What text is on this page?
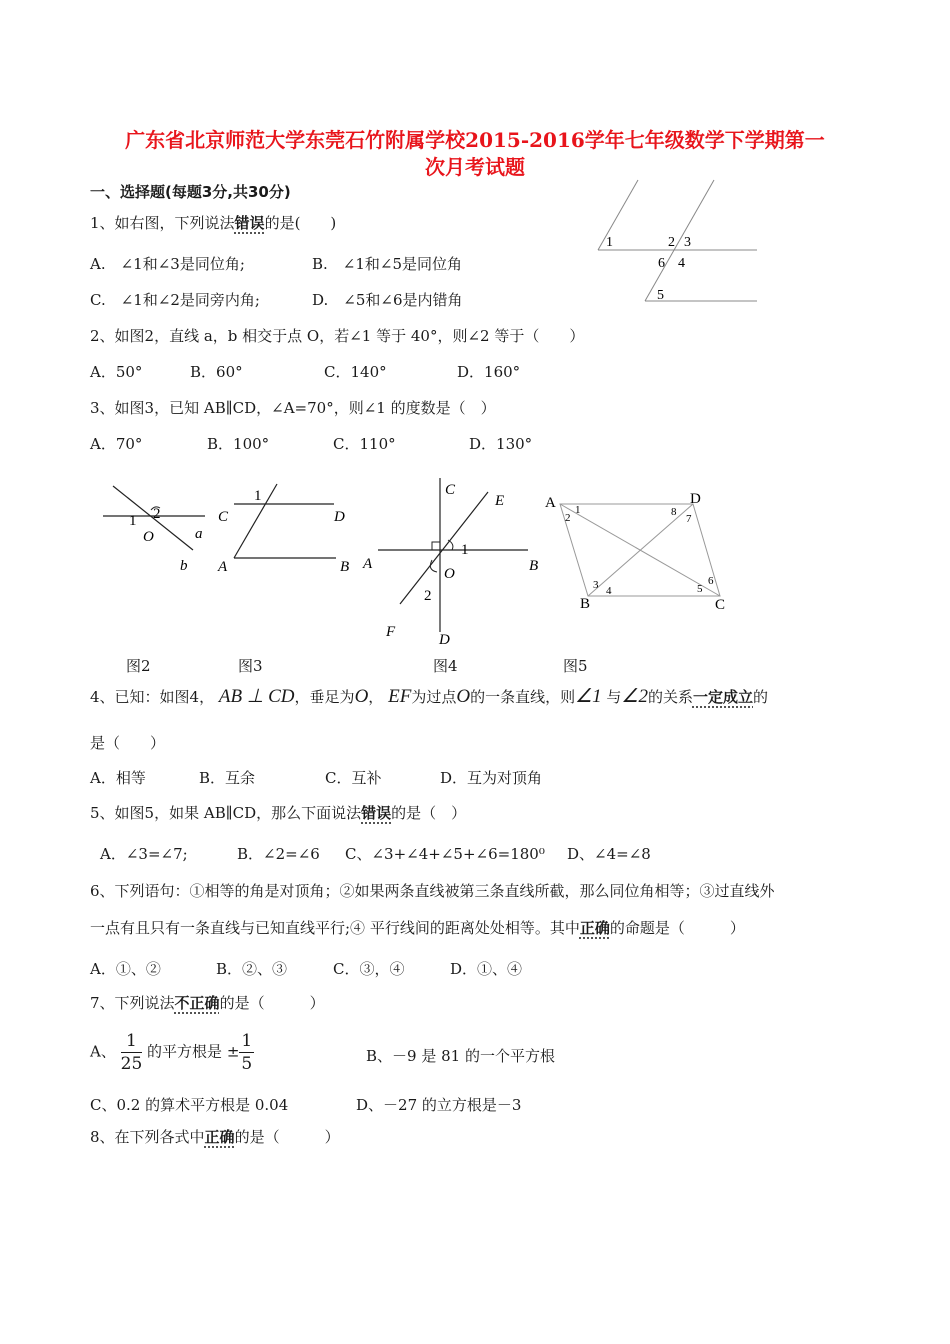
广东省北京师范大学东莞石竹附属学校2015-2016学年七年级数学下学期第一
次月考试题
一、选择题(每题3分,共30分)
1、如右图，下列说法错误的是(　　)
A.　∠1和∠3是同位角;	B.　∠1和∠5是同位角
C.　∠1和∠2是同旁内角;	D.　∠5和∠6是内错角
1	2 3
6 4
5
2、如图2，直线 a，b 相交于点 O，若∠1 等于 40°，则∠2 等于（　　）
A．50°	B．60°	C．140°	D．160°
3、如图3，已知 AB∥CD，∠A=70°，则∠1 的度数是（　）
A．70°	B．100°	C．110°	D．130°
1 2
O	a
b
1
C	D
A	B
C
E
A	B
1
O
2
F	D
A	D
B	C
1
2	8
7
3 4	5
6
图2	图3	图4	图5
4、已知：如图4， AB ⊥ CD，垂足为O， EF为过点O的一条直线，则∠1 与∠2的关系一定成立的
是（　　）
A．相等	B．互余	C．互补	D．互为对顶角
5、如图5，如果 AB∥CD，那么下面说法错误的是（　）
A．∠3=∠7;	B．∠2=∠6 C、∠3+∠4+∠5+∠6=180⁰ D、∠4=∠8
6、下列语句：①相等的角是对顶角；②如果两条直线被第三条直线所截，那么同位角相等；③过直线外
一点有且只有一条直线与已知直线平行;④ 平行线间的距离处处相等。其中正确的命题是（　　　）
A．①、②	B．②、③	C．③，④	D．①、④
7、下列说法不正确的是（　　　）
A、 $\frac{1}{25}$ 的平方根是 ± $\frac{1}{5}$	B、－9 是 81 的一个平方根
C、0.2 的算术平方根是 0.04	D、－27 的立方根是－3
8、在下列各式中正确的是（　　　）
